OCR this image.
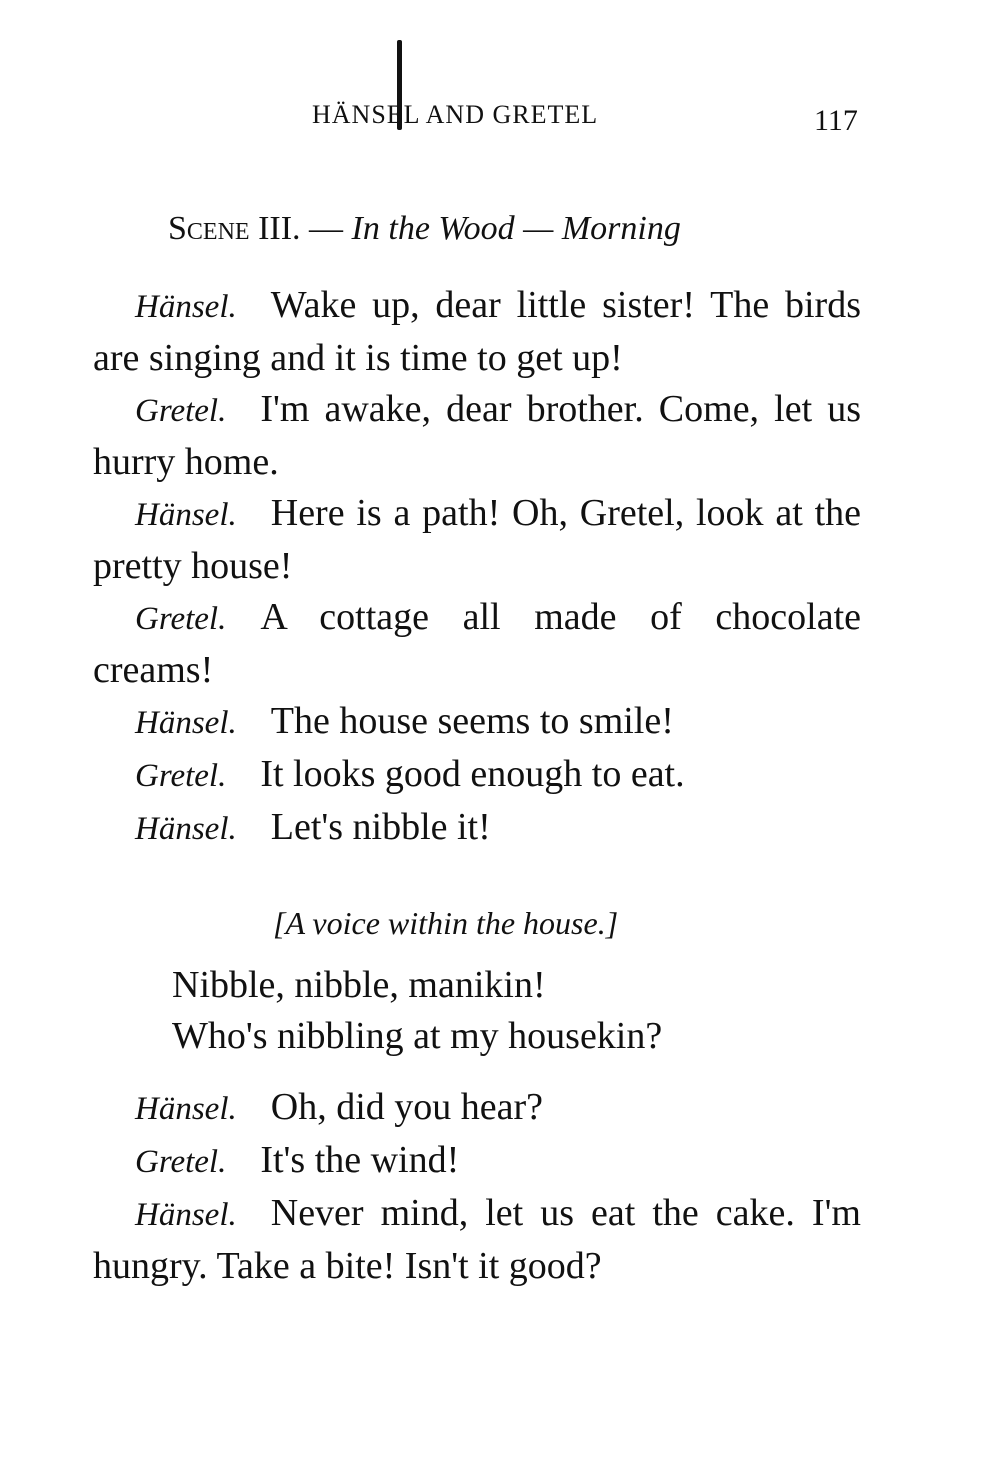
HÄNSEL AND GRETEL	117
Scene III. — In the Wood — Morning

Hänsel. Wake up, dear little sister! The birds are singing and it is time to get up!

Gretel. I'm awake, dear brother. Come, let us hurry home.

Hänsel. Here is a path! Oh, Gretel, look at the pretty house!

Gretel. A cottage all made of chocolate creams!

Hänsel. The house seems to smile!

Gretel. It looks good enough to eat.

Hänsel. Let's nibble it!

[A voice within the house.]
Nibble, nibble, manikin!
Who's nibbling at my housekin?

Hänsel. Oh, did you hear?

Gretel. It's the wind!

Hänsel. Never mind, let us eat the cake. I'm hungry. Take a bite! Isn't it good?
